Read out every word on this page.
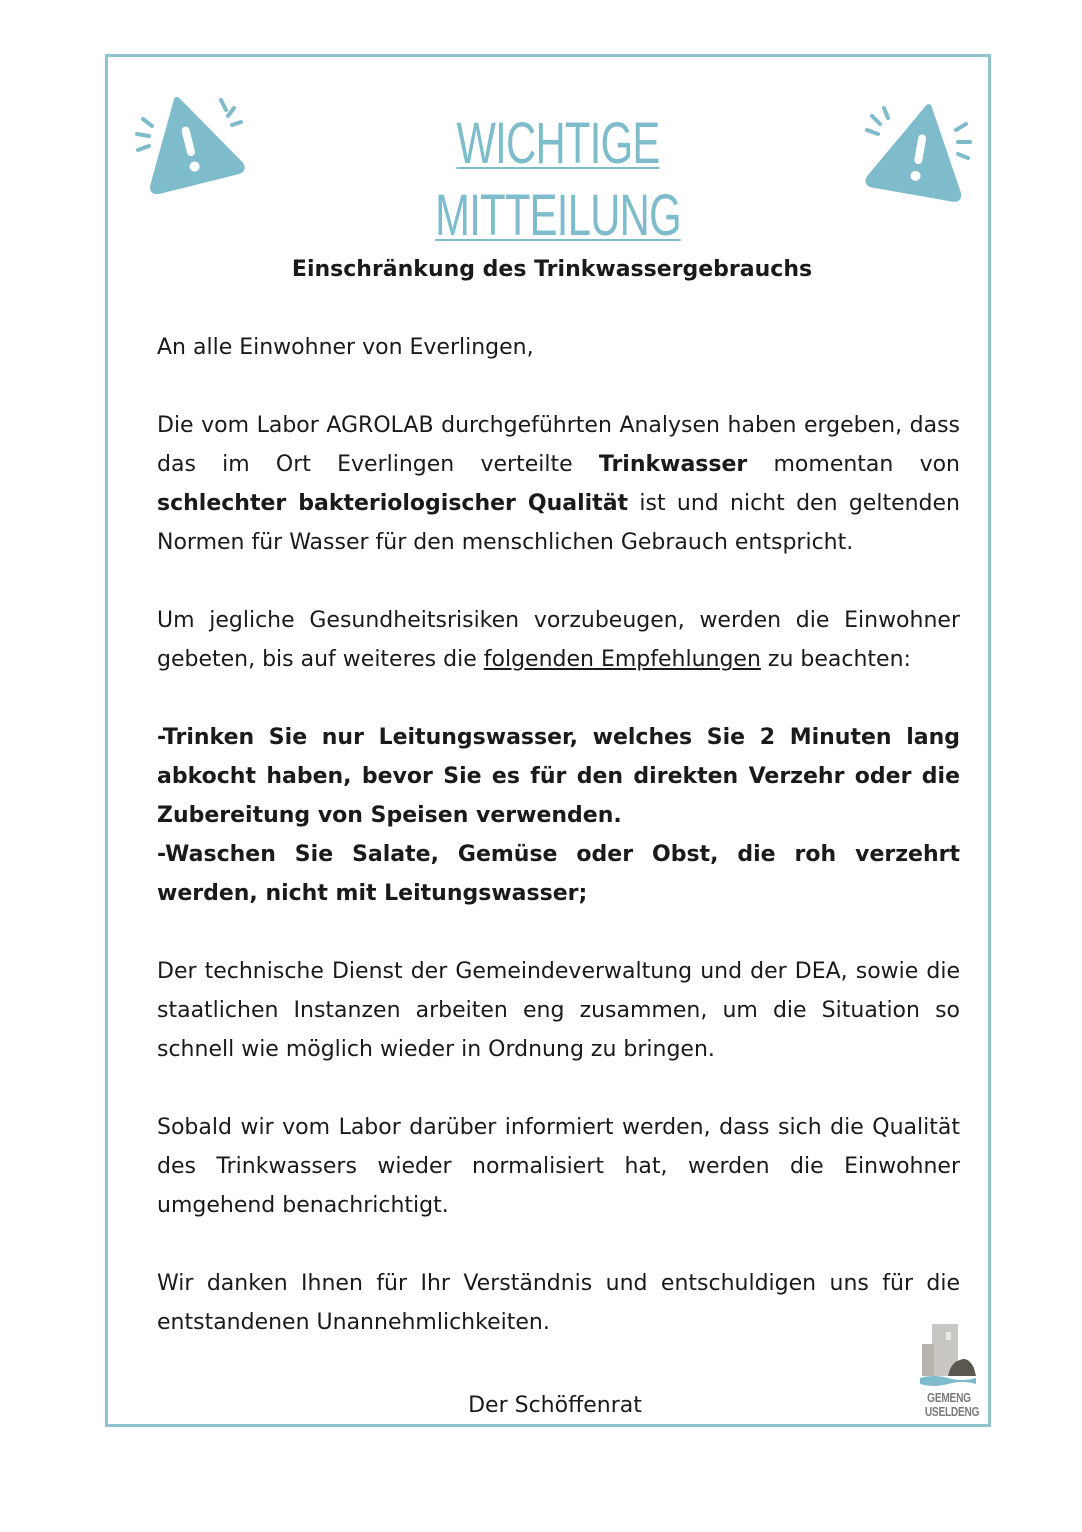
WICHTIGE MITTEILUNG

Einschränkung des Trinkwassergebrauchs

An alle Einwohner von Everlingen,

Die vom Labor AGROLAB durchgeführten Analysen haben ergeben, dass das im Ort Everlingen verteilte Trinkwasser momentan von schlechter bakteriologischer Qualität ist und nicht den geltenden Normen für Wasser für den menschlichen Gebrauch entspricht.

Um jegliche Gesundheitsrisiken vorzubeugen, werden die Einwohner gebeten, bis auf weiteres die folgenden Empfehlungen zu beachten:

-Trinken Sie nur Leitungswasser, welches Sie 2 Minuten lang abkocht haben, bevor Sie es für den direkten Verzehr oder die Zubereitung von Speisen verwenden.

-Waschen Sie Salate, Gemüse oder Obst, die roh verzehrt werden, nicht mit Leitungswasser;

Der technische Dienst der Gemeindeverwaltung und der DEA, sowie die staatlichen Instanzen arbeiten eng zusammen, um die Situation so schnell wie möglich wieder in Ordnung zu bringen.

Sobald wir vom Labor darüber informiert werden, dass sich die Qualität des Trinkwassers wieder normalisiert hat, werden die Einwohner umgehend benachrichtigt.

Wir danken Ihnen für Ihr Verständnis und entschuldigen uns für die entstandenen Unannehmlichkeiten.

Der Schöffenrat	GEMENG
USELDENG
